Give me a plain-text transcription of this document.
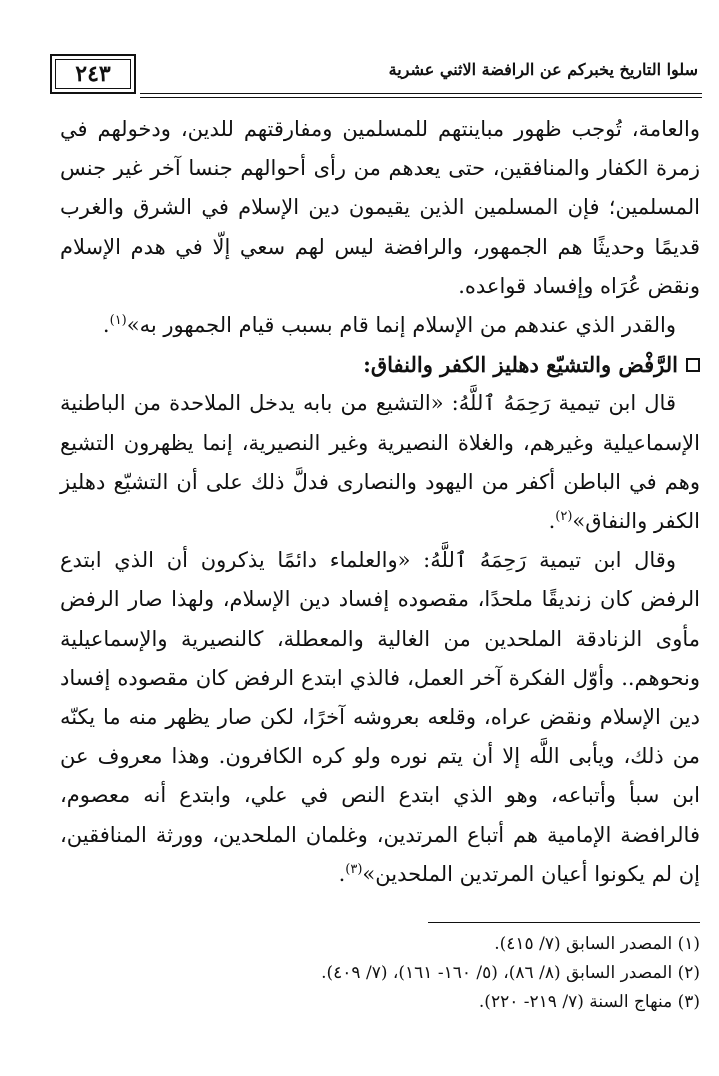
٢٤٣	سلوا التاريخ يخبركم عن الرافضة الاثني عشرية

والعامة، تُوجب ظهور مباينتهم للمسلمين ومفارقتهم للدين، ودخولهم في زمرة الكفار والمنافقين، حتى يعدهم من رأى أحوالهم جنسا آخر غير جنس المسلمين؛ فإن المسلمين الذين يقيمون دين الإسلام في الشرق والغرب قديمًا وحديثًا هم الجمهور، والرافضة ليس لهم سعي إلّا في هدم الإسلام ونقض عُرَاه وإفساد قواعده.

والقدر الذي عندهم من الإسلام إنما قام بسبب قيام الجمهور به»$^{(١)}$.

الرَّفْض والتشيّع دهليز الكفر والنفاق:

قال ابن تيمية رَحِمَهُ ٱللَّهُ: «التشيع من بابه يدخل الملاحدة من الباطنية الإسماعيلية وغيرهم، والغلاة النصيرية وغير النصيرية، إنما يظهرون التشيع وهم في الباطن أكفر من اليهود والنصارى فدلَّ ذلك على أن التشيّع دهليز الكفر والنفاق»$^{(٢)}$.

وقال ابن تيمية رَحِمَهُ ٱللَّهُ: «والعلماء دائمًا يذكرون أن الذي ابتدع الرفض كان زنديقًا ملحدًا، مقصوده إفساد دين الإسلام، ولهذا صار الرفض مأوى الزنادقة الملحدين من الغالية والمعطلة، كالنصيرية والإسماعيلية ونحوهم.. وأوّل الفكرة آخر العمل، فالذي ابتدع الرفض كان مقصوده إفساد دين الإسلام ونقض عراه، وقلعه بعروشه آخرًا، لكن صار يظهر منه ما يكنّه من ذلك، ويأبى اللَّه إلا أن يتم نوره ولو كره الكافرون. وهذا معروف عن ابن سبأ وأتباعه، وهو الذي ابتدع النص في علي، وابتدع أنه معصوم، فالرافضة الإمامية هم أتباع المرتدين، وغلمان الملحدين، وورثة المنافقين، إن لم يكونوا أعيان المرتدين الملحدين»$^{(٣)}$.

(١) المصدر السابق (٧/ ٤١٥).

(٢) المصدر السابق (٨/ ٨٦)، (٥/ ١٦٠- ١٦١)، (٧/ ٤٠٩).

(٣) منهاج السنة (٧/ ٢١٩- ٢٢٠).
